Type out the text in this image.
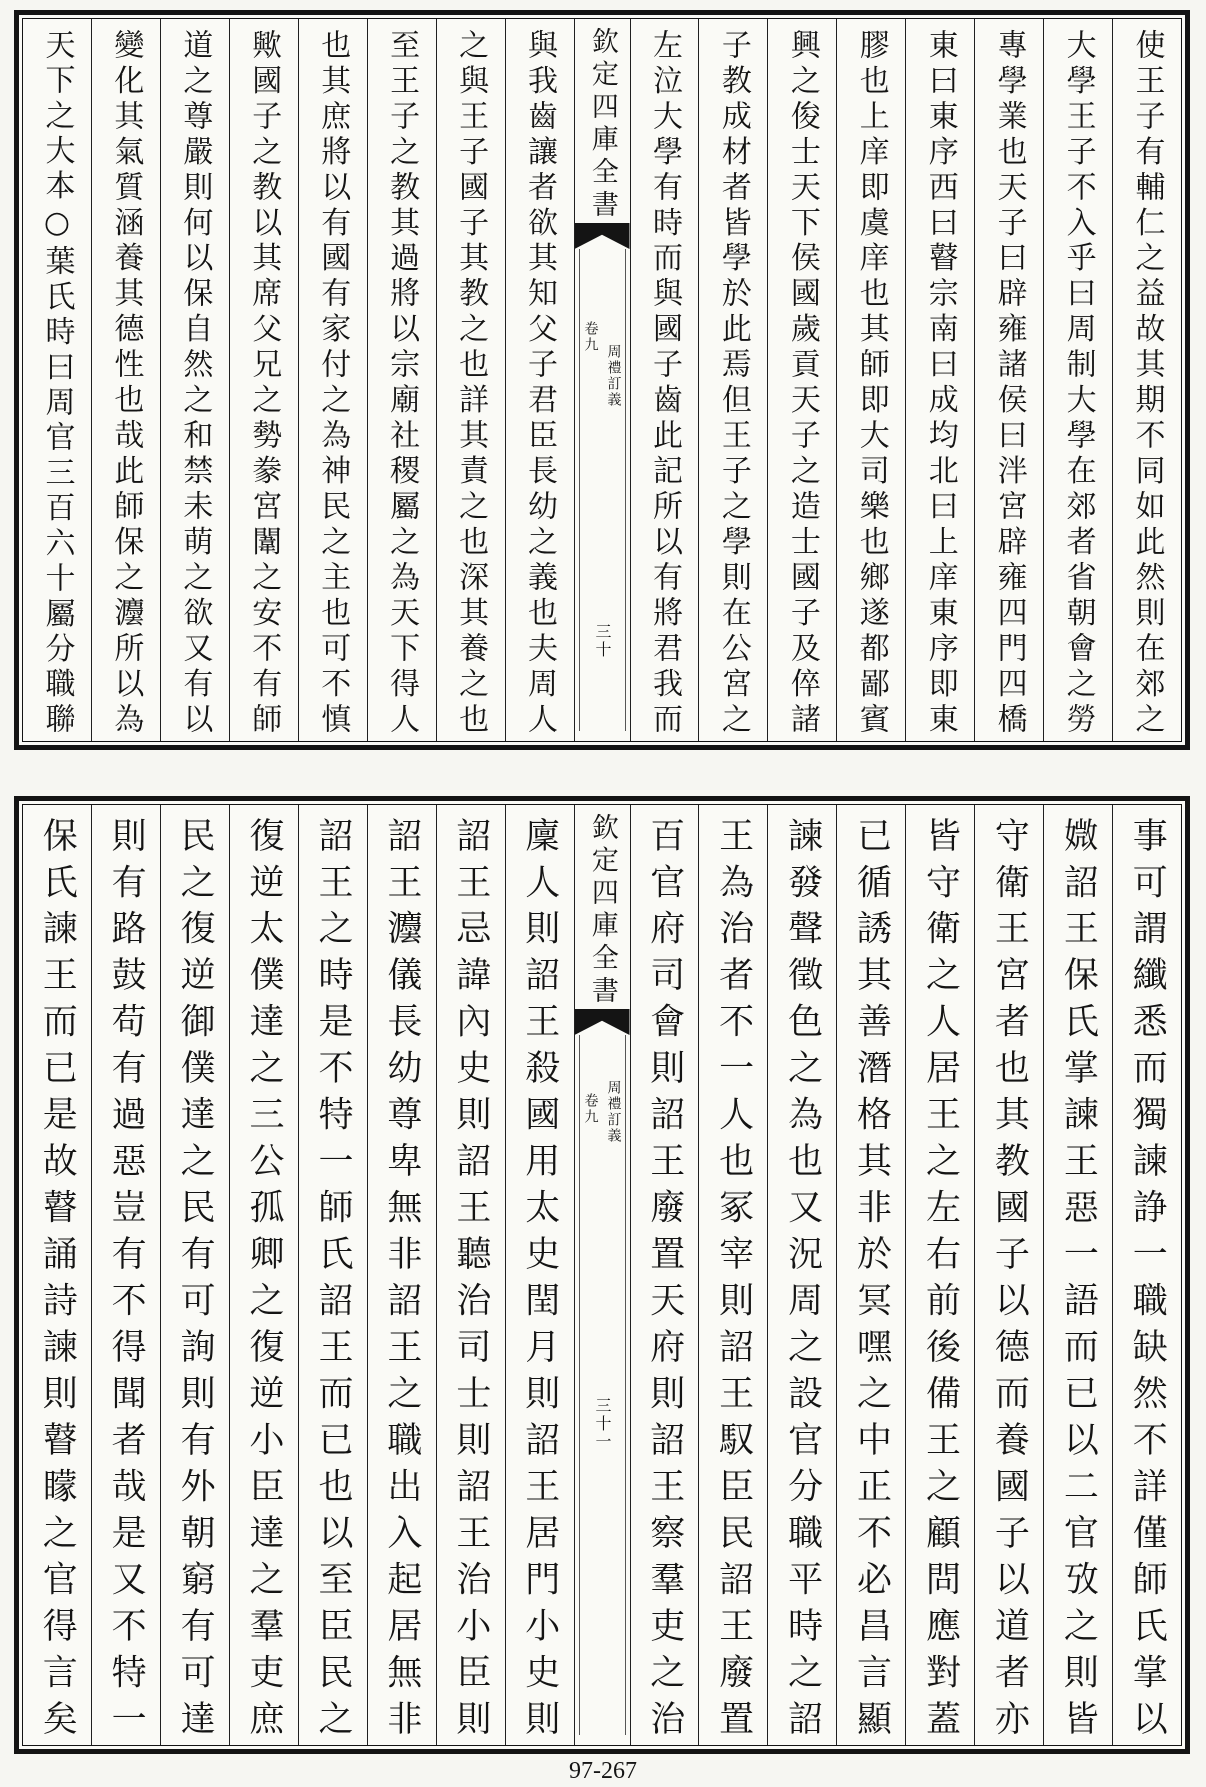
使王子有輔仁之益故其期不同如此然則在郊之
大學王子不入乎曰周制大學在郊者省朝會之勞
專學業也天子曰辟雍諸侯曰泮宮辟雍四門四橋
東曰東序西曰瞽宗南曰成均北曰上庠東序即東
膠也上庠即虞庠也其師即大司樂也鄉遂都鄙賓
興之俊士天下侯國歲貢天子之造士國子及倅諸
子教成材者皆學於此焉但王子之學則在公宮之
左泣大學有時而與國子齒此記所以有將君我而
欽定四庫全書
周禮訂義
卷九
三十
與我齒讓者欲其知父子君臣長幼之義也夫周人
之與王子國子其教之也詳其責之也深其養之也
至王子之教其過將以宗廟社稷屬之為天下得人
也其庶將以有國有家付之為神民之主也可不慎
歟國子之教以其席父兄之勢豢宮闈之安不有師
道之尊嚴則何以保自然之和禁未萌之欲又有以
變化其氣質涵養其德性也哉此師保之灋所以為
天下之大本○葉氏時曰周官三百六十屬分職聯
事可謂纖悉而獨諫諍一職缺然不詳僅師氏掌以
媺詔王保氏掌諫王惡一語而已以二官攷之則皆
守衛王宮者也其教國子以德而養國子以道者亦
皆守衛之人居王之左右前後備王之顧問應對蓋
已循誘其善潛格其非於冥嘿之中正不必昌言顯
諫發聲徵色之為也又況周之設官分職平時之詔
王為治者不一人也冢宰則詔王馭臣民詔王廢置
百官府司會則詔王廢置天府則詔王察羣吏之治
欽定四庫全書
周禮訂義
卷九
三十一
廩人則詔王殺國用太史閏月則詔王居門小史則
詔王忌諱內史則詔王聽治司士則詔王治小臣則
詔王灋儀長幼尊卑無非詔王之職出入起居無非
詔王之時是不特一師氏詔王而已也以至臣民之
復逆太僕達之三公孤卿之復逆小臣達之羣吏庶
民之復逆御僕達之民有可詢則有外朝窮有可達
則有路鼓苟有過惡豈有不得聞者哉是又不特一
保氏諫王而已是故瞽誦詩諫則瞽矇之官得言矣
97-267
